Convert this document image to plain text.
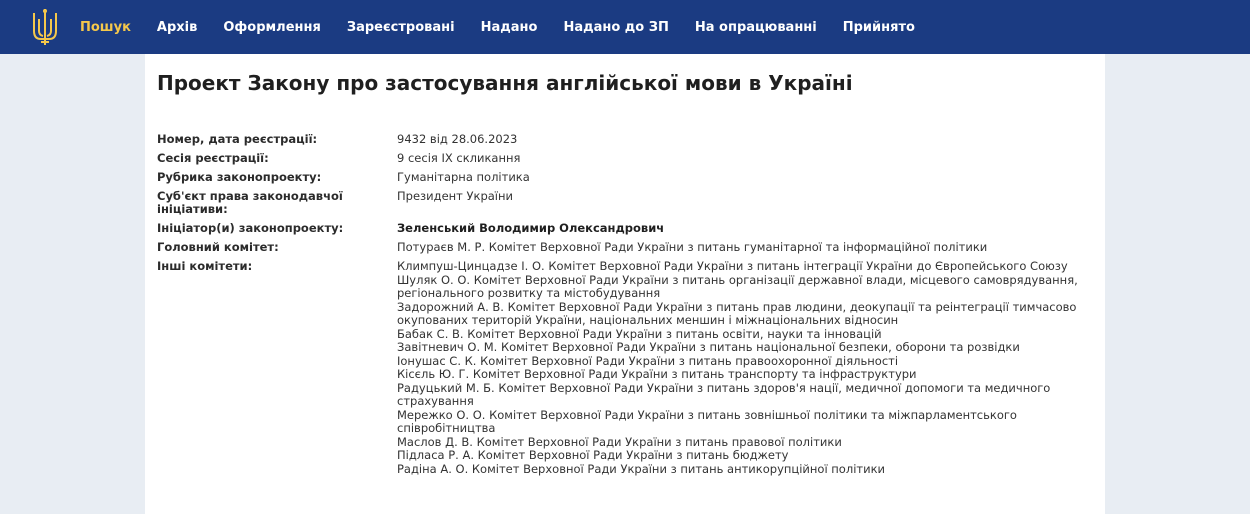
Пошук Архів Оформлення Зареєстровані Надано Надано до ЗП На опрацюванні Прийнято
Проект Закону про застосування англійської мови в Україні
Номер, дата реєстрації:	9432 від 28.06.2023
Сесія реєстрації:	9 сесія IX скликання
Рубрика законопроекту:	Гуманітарна політика
Суб'єкт права законодавчої ініціативи:
Президент України
Ініціатор(и) законопроекту:	Зеленський Володимир Олександрович
Головний комітет:	Потураєв М. Р. Комітет Верховної Ради України з питань гуманітарної та інформаційної політики
Інші комітети:	Климпуш-Цинцадзе І. О. Комітет Верховної Ради України з питань інтеграції України до Європейського Союзу
Шуляк О. О. Комітет Верховної Ради України з питань організації державної влади, місцевого самоврядування, регіонального розвитку та містобудування
Задорожний А. В. Комітет Верховної Ради України з питань прав людини, деокупації та реінтеграції тимчасово окупованих територій України, національних меншин і міжнаціональних відносин
Бабак С. В. Комітет Верховної Ради України з питань освіти, науки та інновацій
Завітневич О. М. Комітет Верховної Ради України з питань національної безпеки, оборони та розвідки
Іонушас С. К. Комітет Верховної Ради України з питань правоохоронної діяльності
Кісєль Ю. Г. Комітет Верховної Ради України з питань транспорту та інфраструктури
Радуцький М. Б. Комітет Верховної Ради України з питань здоров'я нації, медичної допомоги та медичного страхування
Мережко О. О. Комітет Верховної Ради України з питань зовнішньої політики та міжпарламентського співробітництва
Маслов Д. В. Комітет Верховної Ради України з питань правової політики
Підласа Р. А. Комітет Верховної Ради України з питань бюджету
Радіна А. О. Комітет Верховної Ради України з питань антикорупційної політики
